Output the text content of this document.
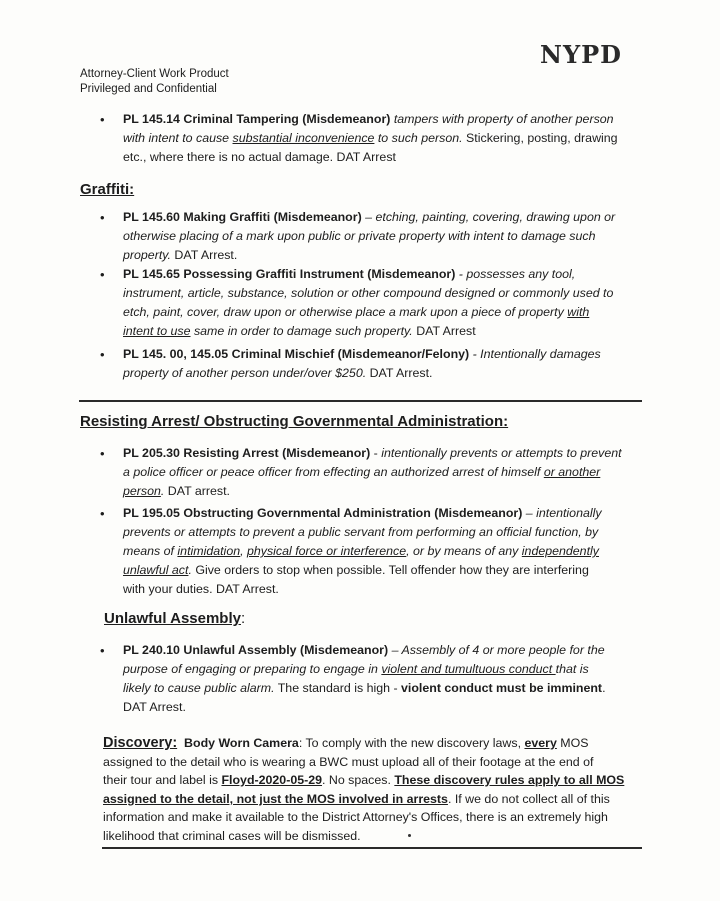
NYPD
Attorney-Client Work Product
Privileged and Confidential
• PL 145.14 Criminal Tampering (Misdemeanor) tampers with property of another person
with intent to cause substantial inconvenience to such person. Stickering, posting, drawing
etc., where there is no actual damage. DAT Arrest
Graffiti:
• PL 145.60 Making Graffiti (Misdemeanor) – etching, painting, covering, drawing upon or
otherwise placing of a mark upon public or private property with intent to damage such
property. DAT Arrest.
• PL 145.65 Possessing Graffiti Instrument (Misdemeanor) - possesses any tool,
instrument, article, substance, solution or other compound designed or commonly used to
etch, paint, cover, draw upon or otherwise place a mark upon a piece of property with
intent to use same in order to damage such property. DAT Arrest
• PL 145. 00, 145.05 Criminal Mischief (Misdemeanor/Felony) - Intentionally damages
property of another person under/over $250. DAT Arrest.
Resisting Arrest/ Obstructing Governmental Administration:
• PL 205.30 Resisting Arrest (Misdemeanor) - intentionally prevents or attempts to prevent
a police officer or peace officer from effecting an authorized arrest of himself or another
person. DAT arrest.
• PL 195.05 Obstructing Governmental Administration (Misdemeanor) – intentionally
prevents or attempts to prevent a public servant from performing an official function, by
means of intimidation, physical force or interference, or by means of any independently
unlawful act. Give orders to stop when possible. Tell offender how they are interfering
with your duties. DAT Arrest.
Unlawful Assembly:
• PL 240.10 Unlawful Assembly (Misdemeanor) – Assembly of 4 or more people for the
purpose of engaging or preparing to engage in violent and tumultuous conduct that is
likely to cause public alarm. The standard is high - violent conduct must be imminent.
DAT Arrest.
Discovery: Body Worn Camera: To comply with the new discovery laws, every MOS
assigned to the detail who is wearing a BWC must upload all of their footage at the end of
their tour and label is Floyd-2020-05-29. No spaces. These discovery rules apply to all MOS
assigned to the detail, not just the MOS involved in arrests. If we do not collect all of this
information and make it available to the District Attorney's Offices, there is an extremely high
likelihood that criminal cases will be dismissed.
